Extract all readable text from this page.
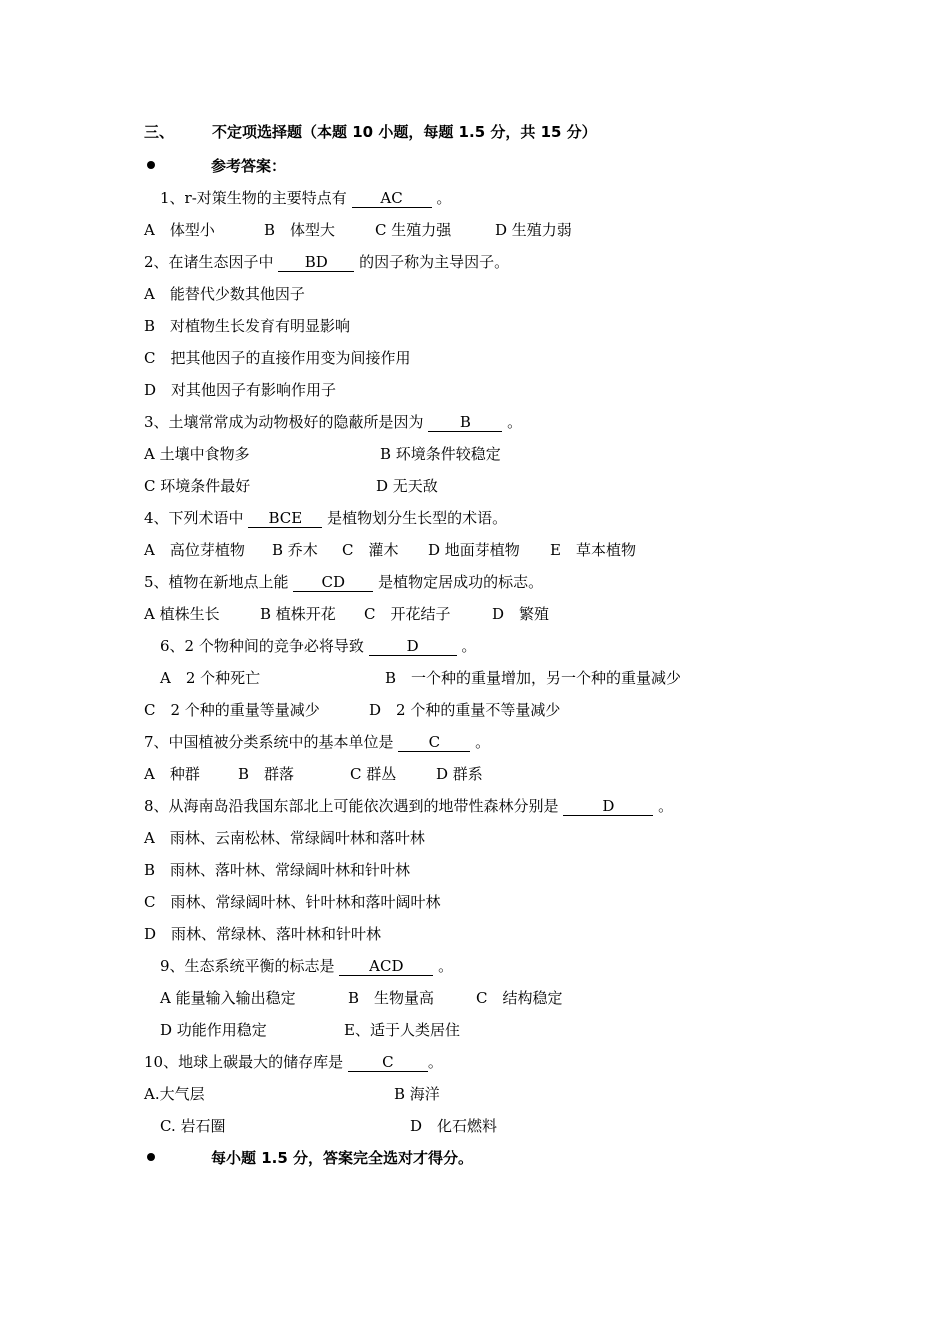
三、	不定项选择题（本题 10 小题，每题 1.5 分，共 15 分）
参考答案：
1、r-对策生物的主要特点有 AC 。
A　体型小	B　体型大	C 生殖力强	D 生殖力弱
2、在诸生态因子中 BD 的因子称为主导因子。
A　能替代少数其他因子
B　对植物生长发育有明显影响
C　把其他因子的直接作用变为间接作用
D　对其他因子有影响作用子
3、土壤常常成为动物极好的隐蔽所是因为 B 。
A 土壤中食物多	B 环境条件较稳定
C 环境条件最好	D 无天敌
4、下列术语中 BCE 是植物划分生长型的术语。
A　高位芽植物 B 乔木 C　灌木 D 地面芽植物 E　草本植物
5、植物在新地点上能 CD 是植物定居成功的标志。
A 植株生长	B 植株开花 C　开花结子	D　繁殖
6、2 个物种间的竞争必将导致	D	。
A　2 个种死亡	B　一个种的重量增加，另一个种的重量减少
C　2 个种的重量等量减少	D　2 个种的重量不等量减少
7、中国植被分类系统中的基本单位是 C 。
A　种群	B　群落	C 群丛	D 群系
8、从海南岛沿我国东部北上可能依次遇到的地带性森林分别是	D	。
A　雨林、云南松林、常绿阔叶林和落叶林
B　雨林、落叶林、常绿阔叶林和针叶林
C　雨林、常绿阔叶林、针叶林和落叶阔叶林
D　雨林、常绿林、落叶林和针叶林
9、生态系统平衡的标志是 ACD 。
A 能量输入输出稳定	B　生物量高	C　结构稳定
D 功能作用稳定	E、适于人类居住
10、地球上碳最大的储存库是 C 。
A.大气层	B 海洋
C. 岩石圈	D　化石燃料
每小题 1.5 分，答案完全选对才得分。
